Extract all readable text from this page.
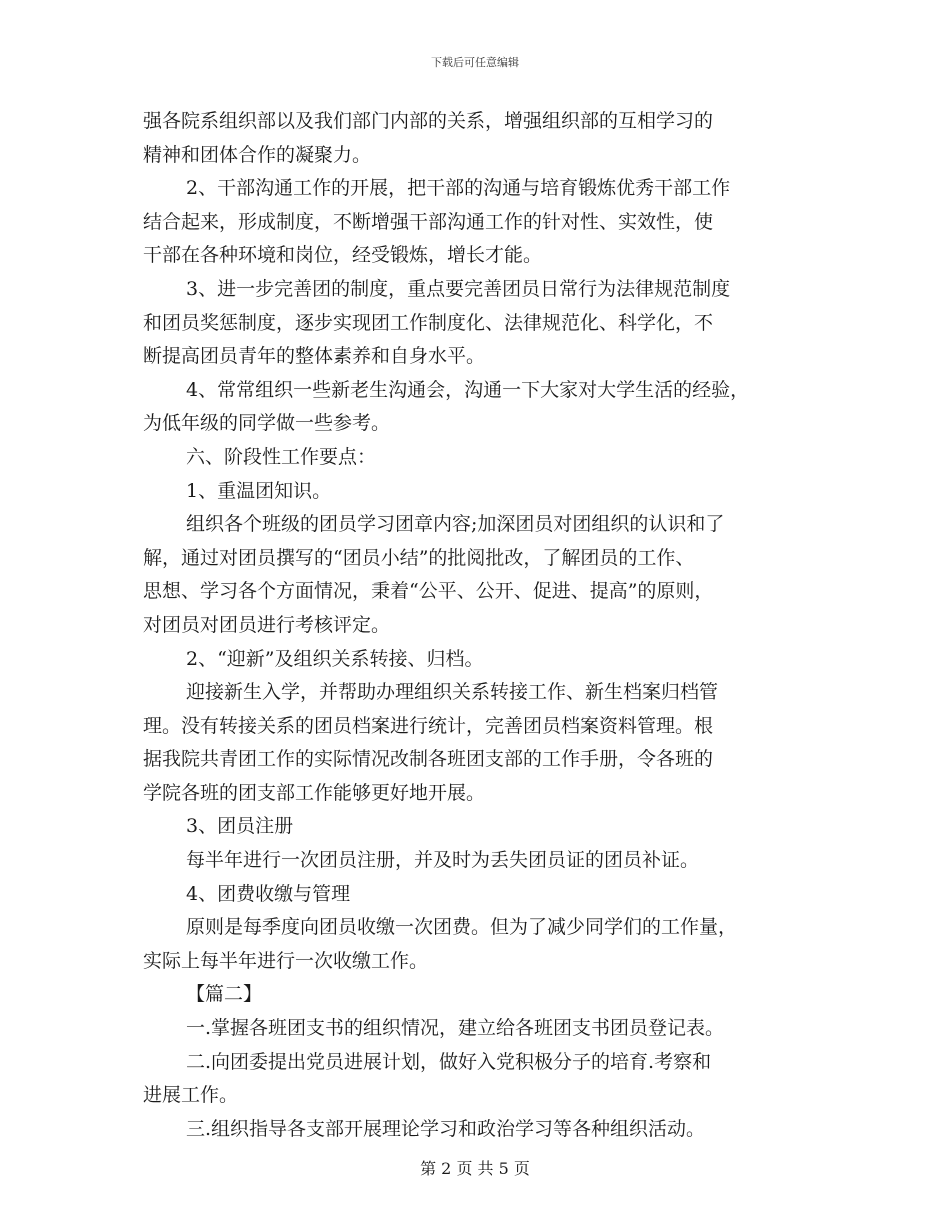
下载后可任意编辑
强各院系组织部以及我们部门内部的关系，增强组织部的互相学习的
精神和团体合作的凝聚力。
2、干部沟通工作的开展，把干部的沟通与培育锻炼优秀干部工作
结合起来，形成制度，不断增强干部沟通工作的针对性、实效性，使
干部在各种环境和岗位，经受锻炼，增长才能。
3、进一步完善团的制度，重点要完善团员日常行为法律规范制度
和团员奖惩制度，逐步实现团工作制度化、法律规范化、科学化，不
断提高团员青年的整体素养和自身水平。
4、常常组织一些新老生沟通会，沟通一下大家对大学生活的经验，
为低年级的同学做一些参考。
六、阶段性工作要点：
1、重温团知识。
组织各个班级的团员学习团章内容;加深团员对团组织的认识和了
解，通过对团员撰写的“团员小结”的批阅批改，了解团员的工作、
思想、学习各个方面情况，秉着“公平、公开、促进、提高”的原则，
对团员对团员进行考核评定。
2、“迎新”及组织关系转接、归档。
迎接新生入学，并帮助办理组织关系转接工作、新生档案归档管
理。没有转接关系的团员档案进行统计，完善团员档案资料管理。根
据我院共青团工作的实际情况改制各班团支部的工作手册，令各班的
学院各班的团支部工作能够更好地开展。
3、团员注册
每半年进行一次团员注册，并及时为丢失团员证的团员补证。
4、团费收缴与管理
原则是每季度向团员收缴一次团费。但为了减少同学们的工作量，
实际上每半年进行一次收缴工作。
【篇二】
一.掌握各班团支书的组织情况，建立给各班团支书团员登记表。
二.向团委提出党员进展计划，做好入党积极分子的培育.考察和
进展工作。
三.组织指导各支部开展理论学习和政治学习等各种组织活动。
第 2 页 共 5 页
